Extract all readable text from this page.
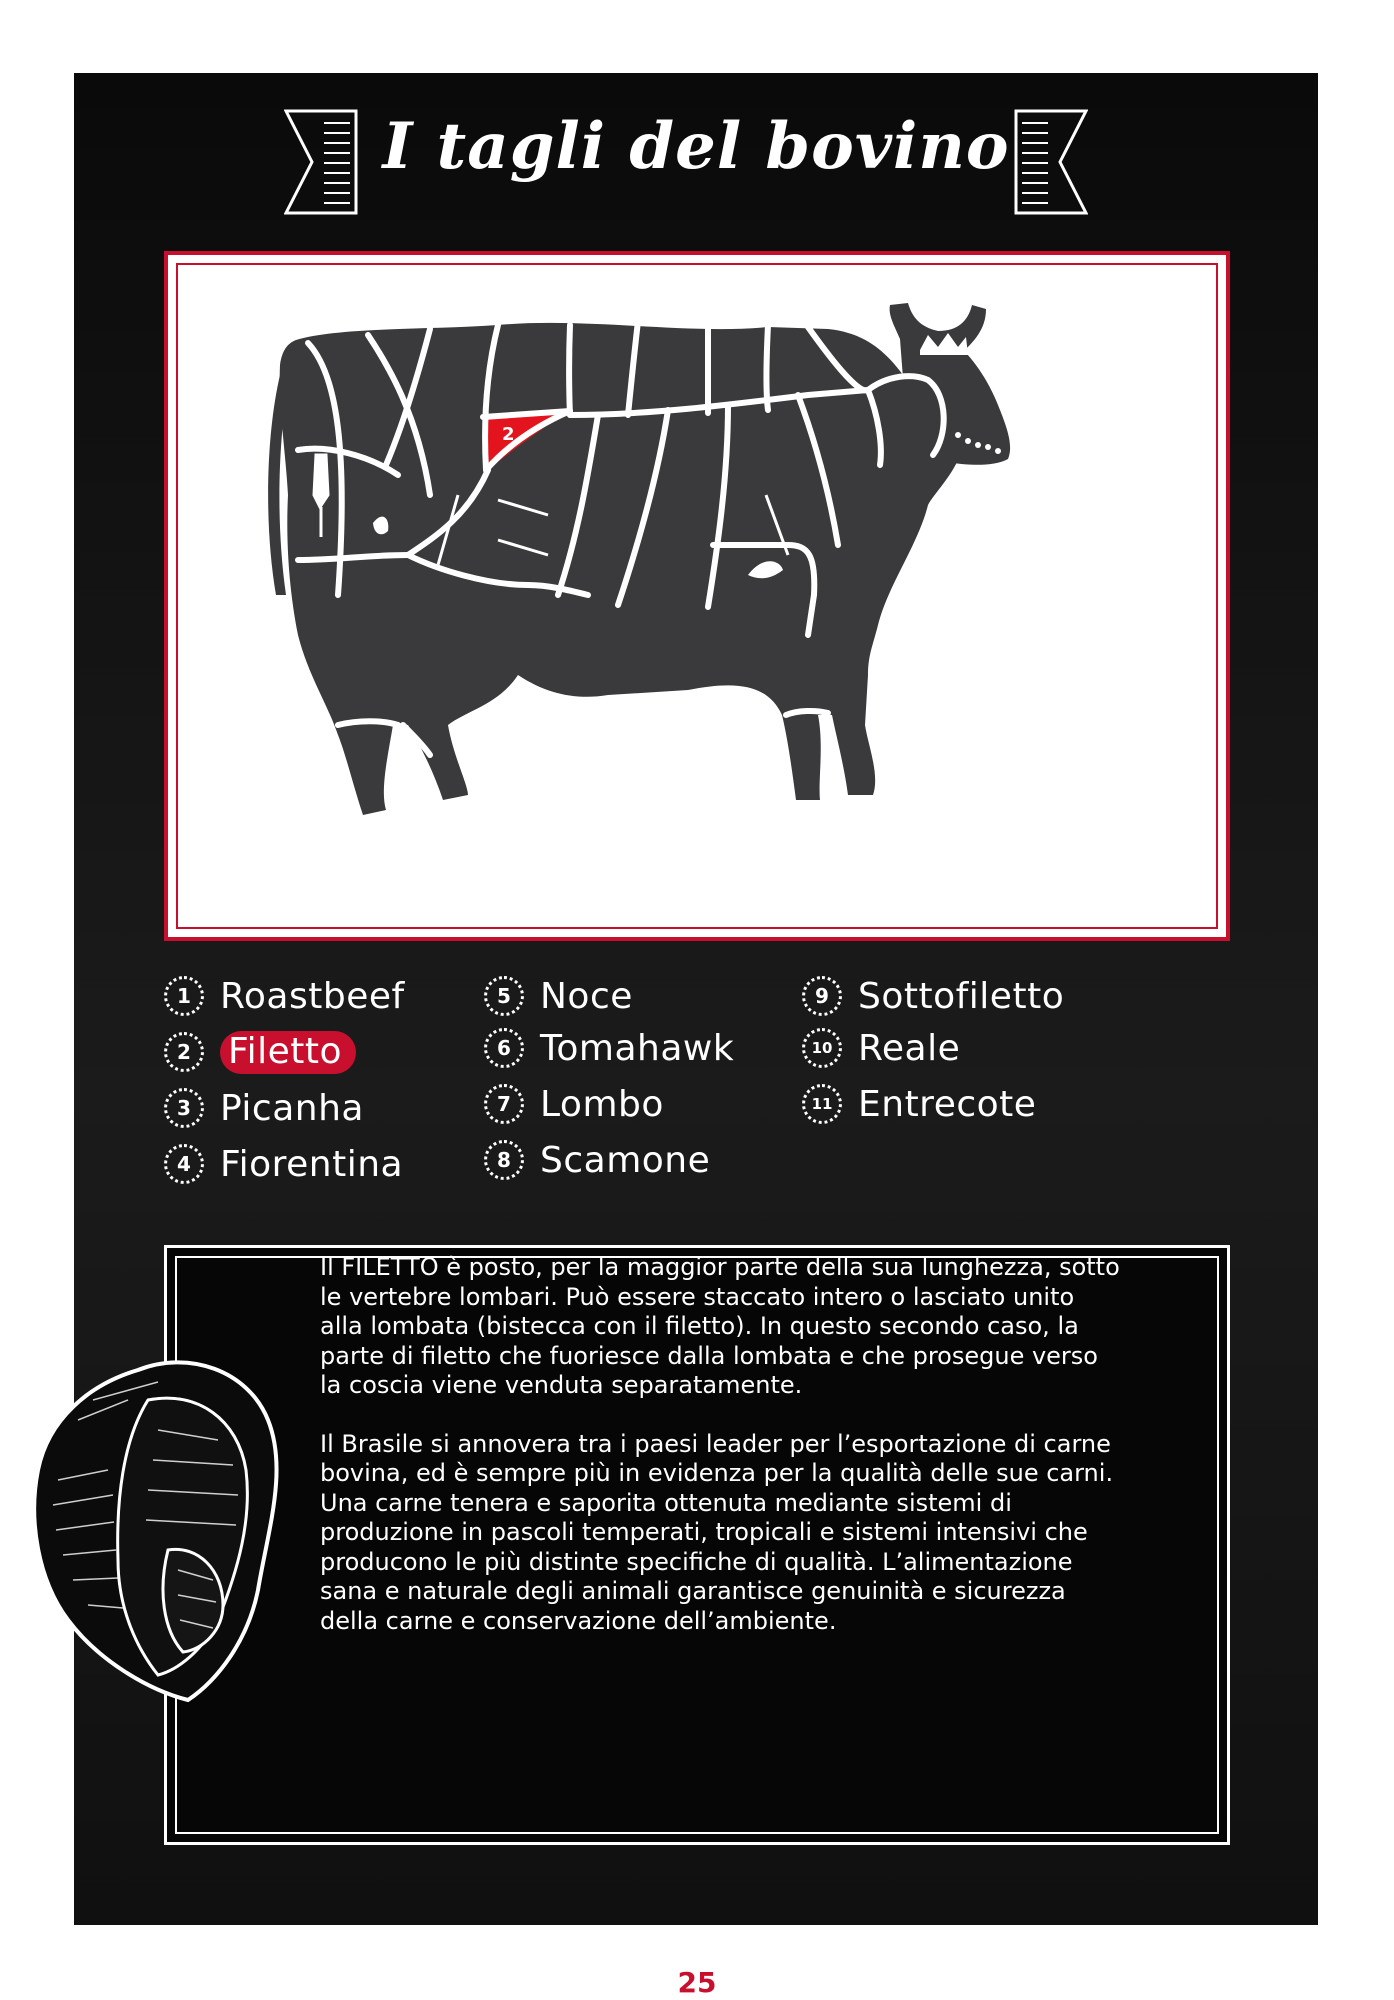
I tagli del bovino
2
1 Roastbeef
2	Filetto
3 Picanha
4 Fiorentina
5 Noce
6 Tomahawk
7 Lombo
8 Scamone
9 Sottofiletto
10 Reale
11 Entrecote

Il FILETTO è posto, per la maggior parte della sua lunghezza, sotto le vertebre lombari. Può essere staccato intero o lasciato unito alla lombata (bistecca con il filetto). In questo secondo caso, la parte di filetto che fuoriesce dalla lombata e che prosegue verso la coscia viene venduta separatamente.

Il Brasile si annovera tra i paesi leader per l’esportazione di carne bovina, ed è sempre più in evidenza per la qualità delle sue carni. Una carne tenera e saporita ottenuta mediante sistemi di produzione in pascoli temperati, tropicali e sistemi intensivi che producono le più distinte specifiche di qualità. L’alimentazione sana e naturale degli animali garantisce genuinità e sicurezza della carne e conservazione dell’ambiente.

25
